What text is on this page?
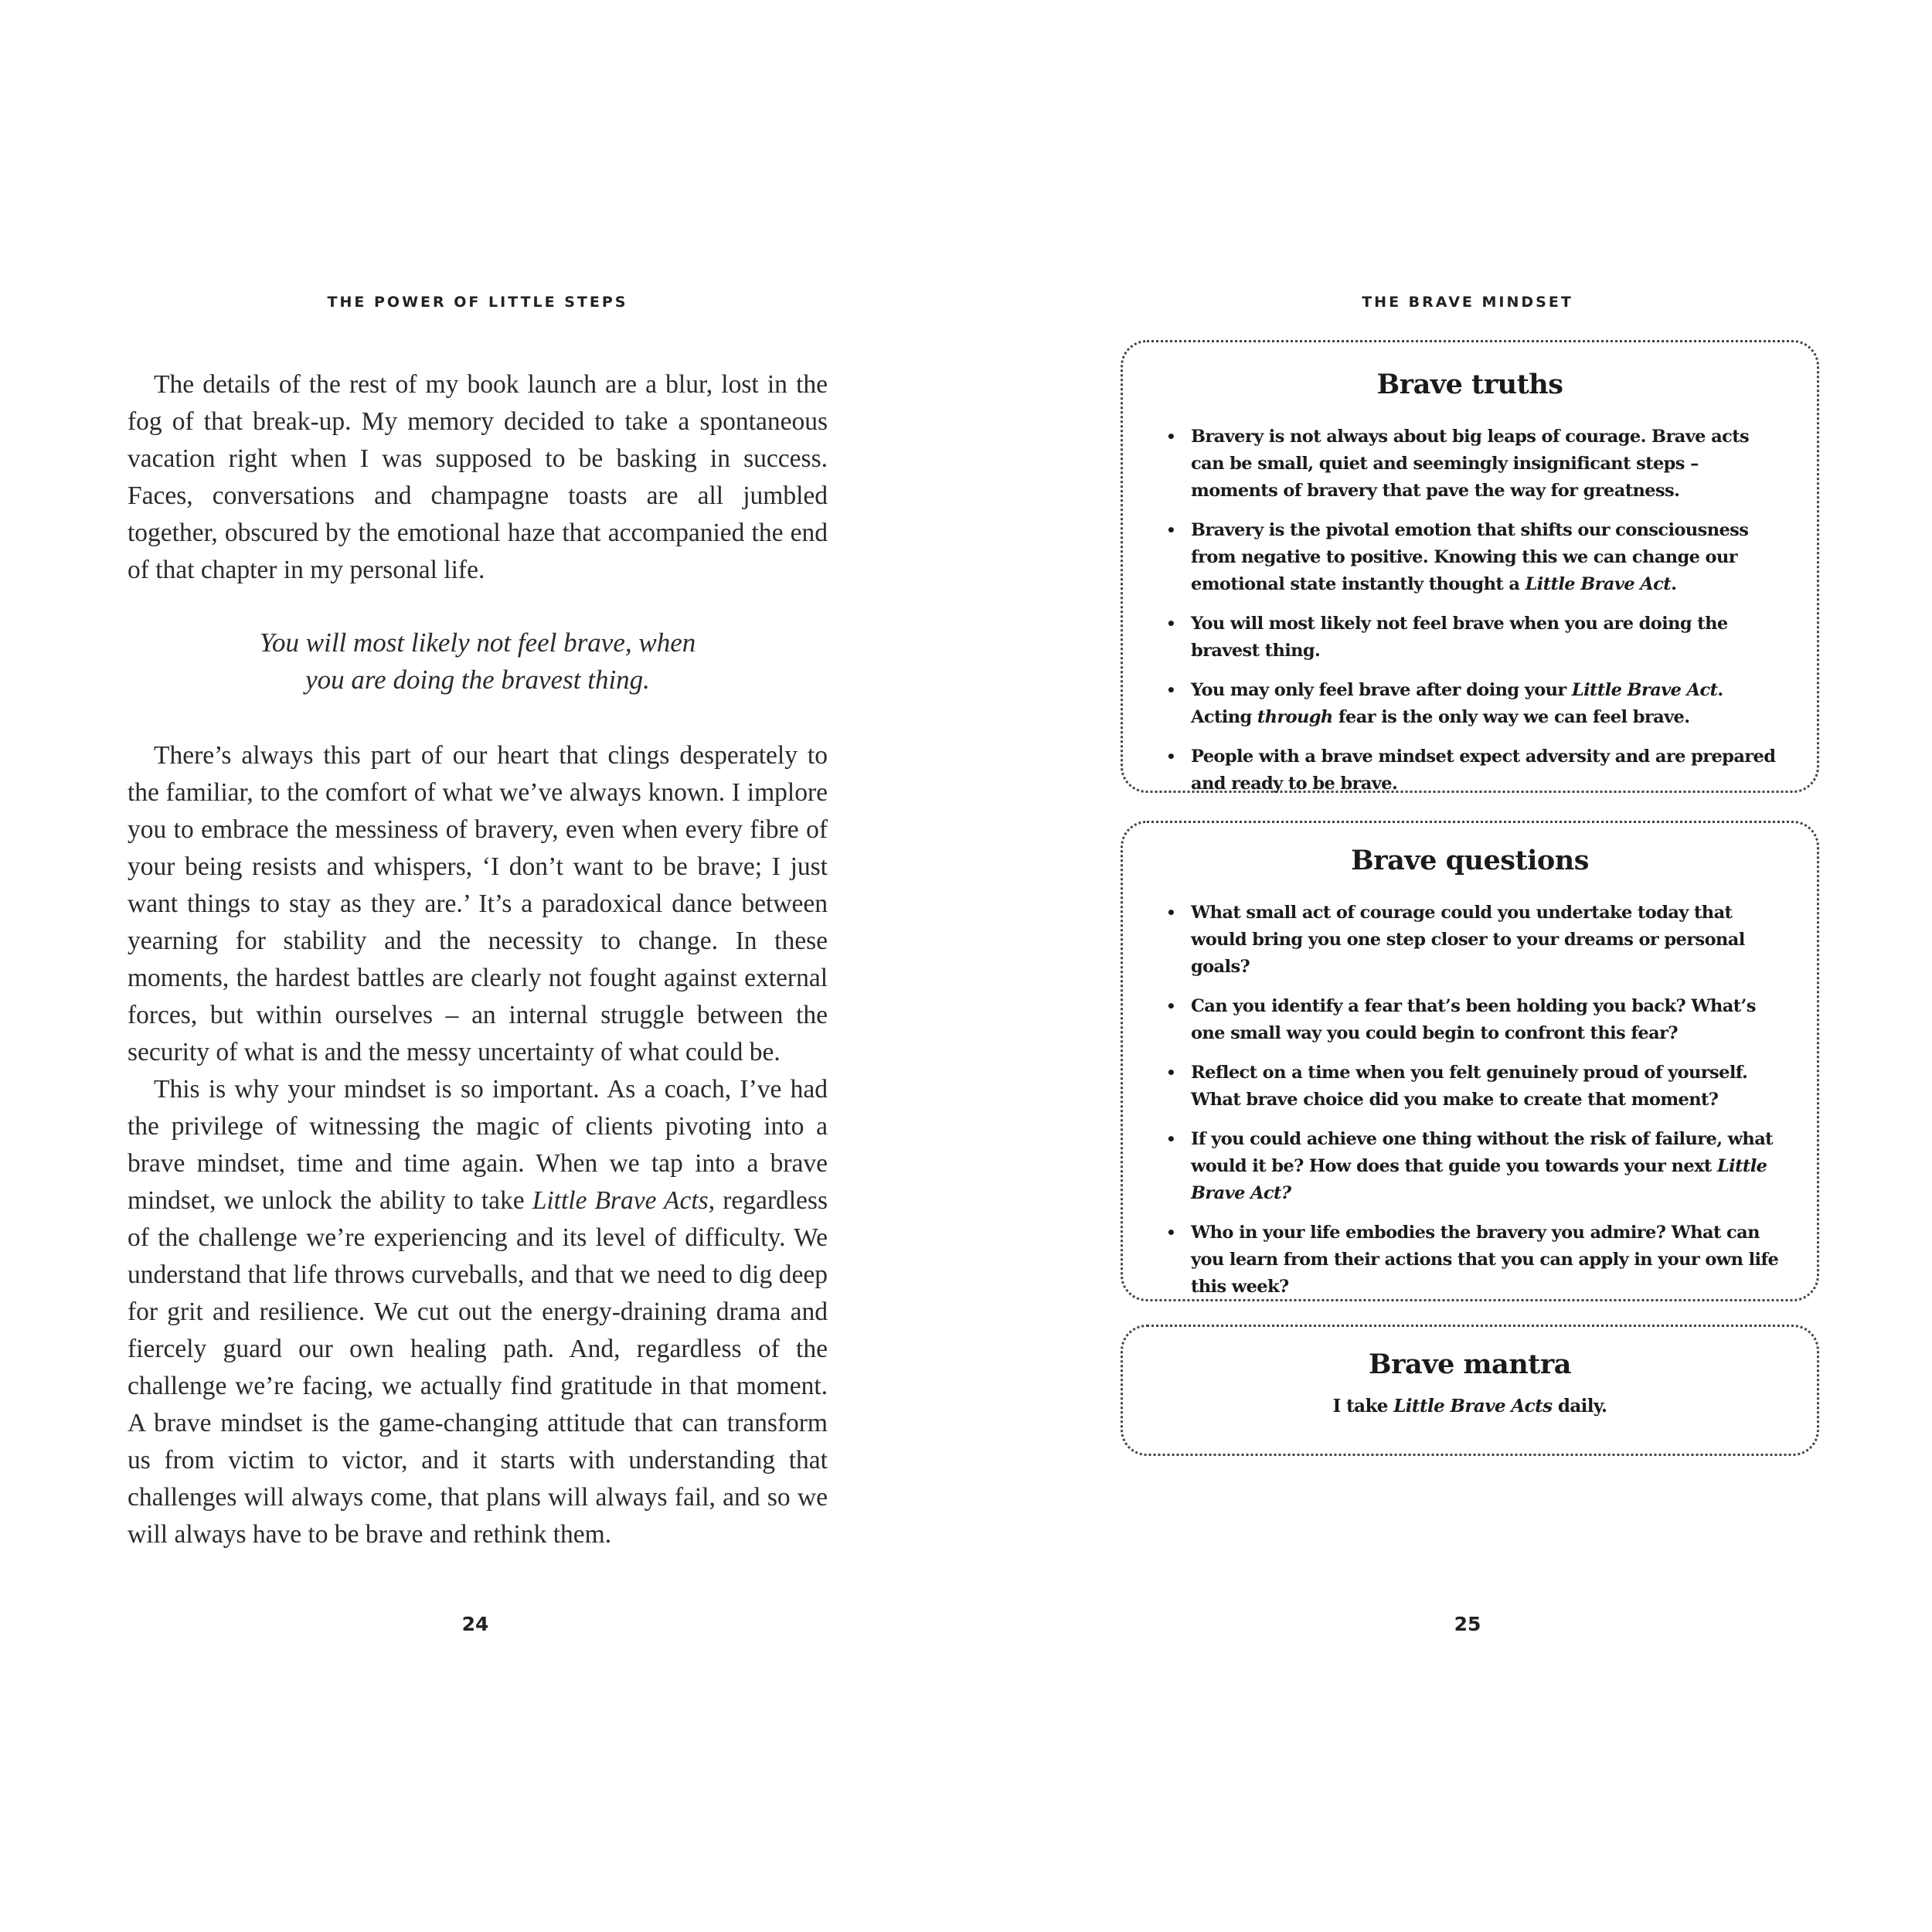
THE POWER OF LITTLE STEPS

The details of the rest of my book launch are a blur, lost in the fog of that break-up. My memory decided to take a spontaneous vacation right when I was supposed to be basking in success. Faces, conversations and champagne toasts are all jumbled together, obscured by the emotional haze that accompanied the end of that chapter in my personal life.

You will most likely not feel brave, when
you are doing the bravest thing.

There’s always this part of our heart that clings desperately to the familiar, to the comfort of what we’ve always known. I implore you to embrace the messiness of bravery, even when every fibre of your being resists and whispers, ‘I don’t want to be brave; I just want things to stay as they are.’ It’s a paradoxical dance between yearning for stability and the necessity to change. In these moments, the hardest battles are clearly not fought against external forces, but within ourselves – an internal struggle between the security of what is and the messy uncertainty of what could be.

This is why your mindset is so important. As a coach, I’ve had the privilege of witnessing the magic of clients pivoting into a brave mindset, time and time again. When we tap into a brave mindset, we unlock the ability to take Little Brave Acts, regardless of the challenge we’re experiencing and its level of difficulty. We understand that life throws curveballs, and that we need to dig deep for grit and resilience. We cut out the energy-draining drama and fiercely guard our own healing path. And, regardless of the challenge we’re facing, we actually find gratitude in that moment. A brave mindset is the game-changing attitude that can transform us from victim to victor, and it starts with understanding that challenges will always come, that plans will always fail, and so we will always have to be brave and rethink them.

24
THE BRAVE MINDSET
Brave truths
• Bravery is not always about big leaps of courage. Brave acts can be small, quiet and seemingly insignificant steps – moments of bravery that pave the way for greatness.
• Bravery is the pivotal emotion that shifts our consciousness from negative to positive. Knowing this we can change our emotional state instantly thought a Little Brave Act.
• You will most likely not feel brave when you are doing the bravest thing.
• You may only feel brave after doing your Little Brave Act. Acting through fear is the only way we can feel brave.
• People with a brave mindset expect adversity and are prepared and ready to be brave.
Brave questions
• What small act of courage could you undertake today that would bring you one step closer to your dreams or personal goals?
• Can you identify a fear that’s been holding you back? What’s one small way you could begin to confront this fear?
• Reflect on a time when you felt genuinely proud of yourself. What brave choice did you make to create that moment?
• If you could achieve one thing without the risk of failure, what would it be? How does that guide you towards your next Little Brave Act?
• Who in your life embodies the bravery you admire? What can you learn from their actions that you can apply in your own life this week?
Brave mantra
I take Little Brave Acts daily.
25
